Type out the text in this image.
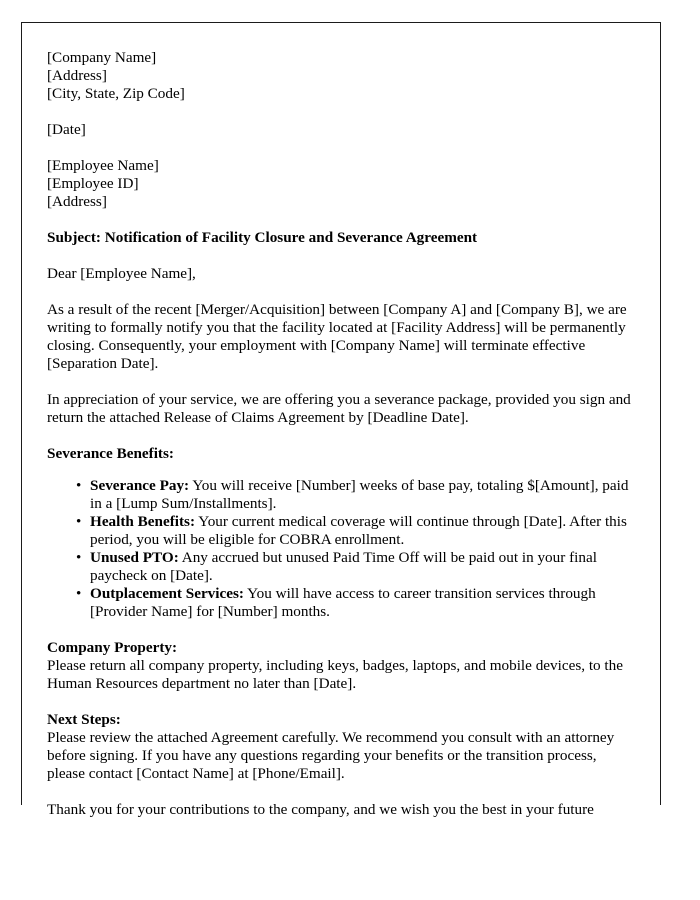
[Company Name]
[Address]
[City, State, Zip Code]
[Date]
[Employee Name]
[Employee ID]
[Address]
Subject: Notification of Facility Closure and Severance Agreement
Dear [Employee Name],

As a result of the recent [Merger/Acquisition] between [Company A] and [Company B], we are writing to formally notify you that the facility located at [Facility Address] will be permanently closing. Consequently, your employment with [Company Name] will terminate effective [Separation Date].

In appreciation of your service, we are offering you a severance package, provided you sign and return the attached Release of Claims Agreement by [Deadline Date].

Severance Benefits:
• Severance Pay: You will receive [Number] weeks of base pay, totaling $[Amount], paid in a [Lump Sum/Installments].
• Health Benefits: Your current medical coverage will continue through [Date]. After this period, you will be eligible for COBRA enrollment.
• Unused PTO: Any accrued but unused Paid Time Off will be paid out in your final paycheck on [Date].
• Outplacement Services: You will have access to career transition services through [Provider Name] for [Number] months.
Company Property:

Please return all company property, including keys, badges, laptops, and mobile devices, to the Human Resources department no later than [Date].

Next Steps:

Please review the attached Agreement carefully. We recommend you consult with an attorney before signing. If you have any questions regarding your benefits or the transition process, please contact [Contact Name] at [Phone/Email].

Thank you for your contributions to the company, and we wish you the best in your future
